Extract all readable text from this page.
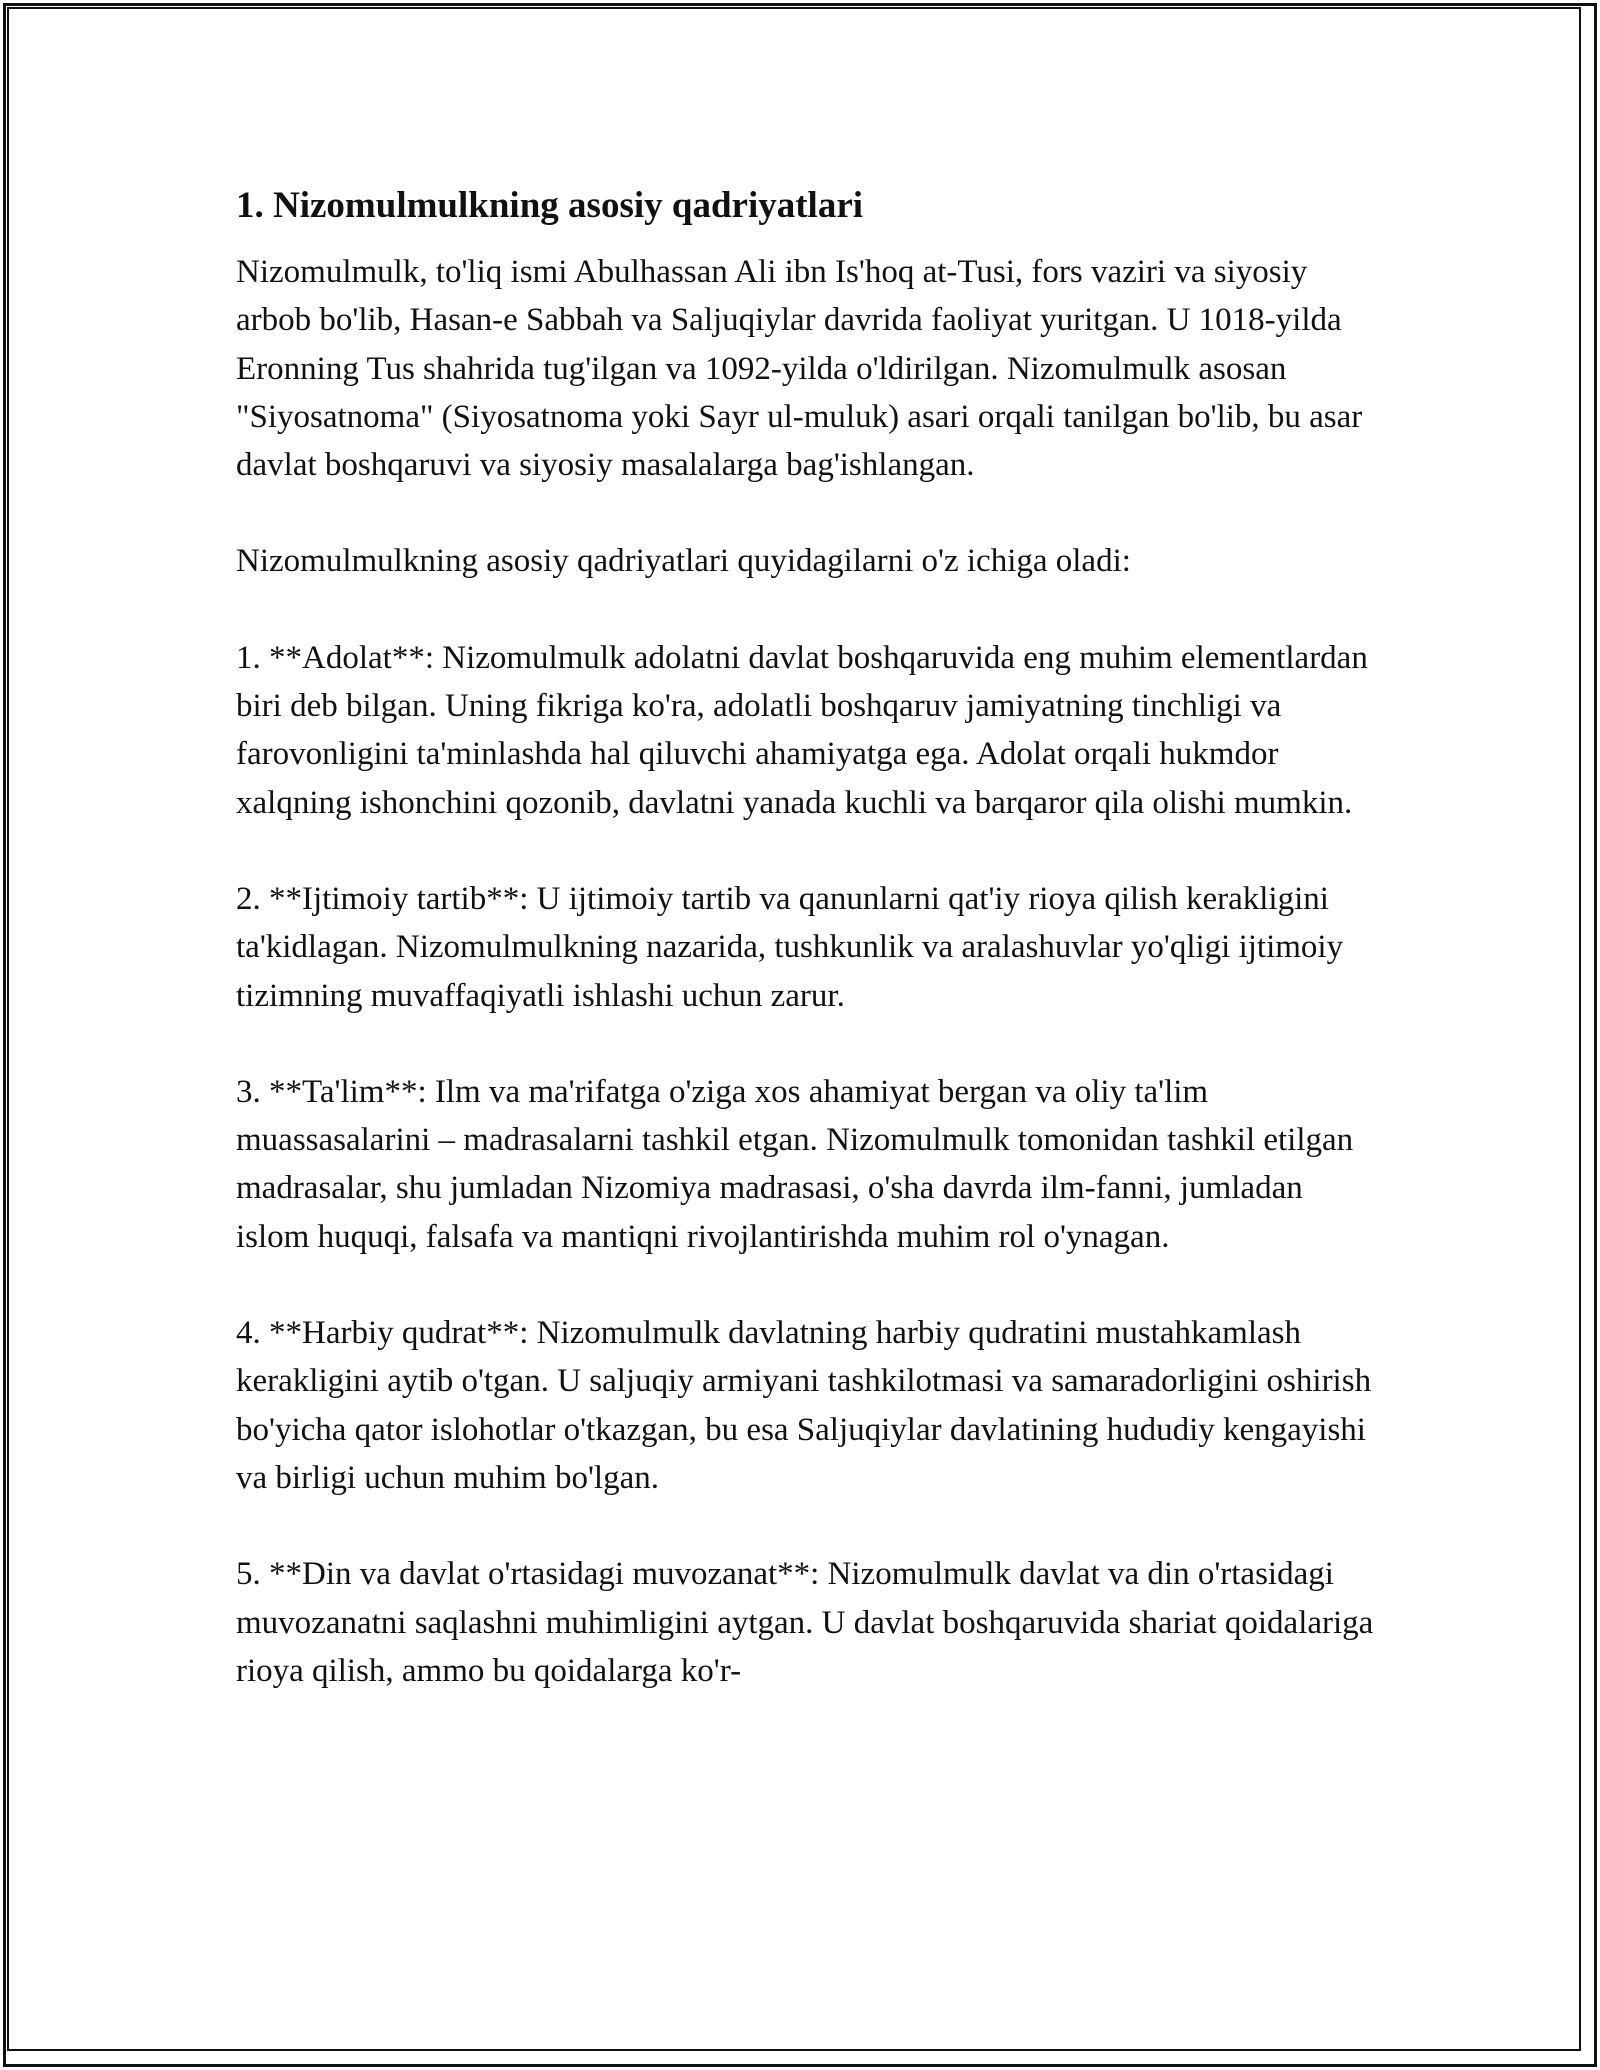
1. Nizomulmulkning asosiy qadriyatlari

Nizomulmulk, to'liq ismi Abulhassan Ali ibn Is'hoq at-Tusi, fors vaziri va siyosiy arbob bo'lib, Hasan-e Sabbah va Saljuqiylar davrida faoliyat yuritgan. U 1018-yilda Eronning Tus shahrida tug'ilgan va 1092-yilda o'ldirilgan. Nizomulmulk asosan "Siyosatnoma" (Siyosatnoma yoki Sayr ul-muluk) asari orqali tanilgan bo'lib, bu asar davlat boshqaruvi va siyosiy masalalarga bag'ishlangan.

Nizomulmulkning asosiy qadriyatlari quyidagilarni o'z ichiga oladi:

1. **Adolat**: Nizomulmulk adolatni davlat boshqaruvida eng muhim elementlardan biri deb bilgan. Uning fikriga ko'ra, adolatli boshqaruv jamiyatning tinchligi va farovonligini ta'minlashda hal qiluvchi ahamiyatga ega. Adolat orqali hukmdor xalqning ishonchini qozonib, davlatni yanada kuchli va barqaror qila olishi mumkin.

2. **Ijtimoiy tartib**: U ijtimoiy tartib va qanunlarni qat'iy rioya qilish kerakligini ta'kidlagan. Nizomulmulkning nazarida, tushkunlik va aralashuvlar yo'qligi ijtimoiy tizimning muvaffaqiyatli ishlashi uchun zarur.

3. **Ta'lim**: Ilm va ma'rifatga o'ziga xos ahamiyat bergan va oliy ta'lim muassasalarini – madrasalarni tashkil etgan. Nizomulmulk tomonidan tashkil etilgan madrasalar, shu jumladan Nizomiya madrasasi, o'sha davrda ilm-fanni, jumladan islom huquqi, falsafa va mantiqni rivojlantirishda muhim rol o'ynagan.

4. **Harbiy qudrat**: Nizomulmulk davlatning harbiy qudratini mustahkamlash kerakligini aytib o'tgan. U saljuqiy armiyani tashkilotmasi va samaradorligini oshirish bo'yicha qator islohotlar o'tkazgan, bu esa Saljuqiylar davlatining hududiy kengayishi va birligi uchun muhim bo'lgan.

5. **Din va davlat o'rtasidagi muvozanat**: Nizomulmulk davlat va din o'rtasidagi muvozanatni saqlashni muhimligini aytgan. U davlat boshqaruvida shariat qoidalariga rioya qilish, ammo bu qoidalarga ko'r-
